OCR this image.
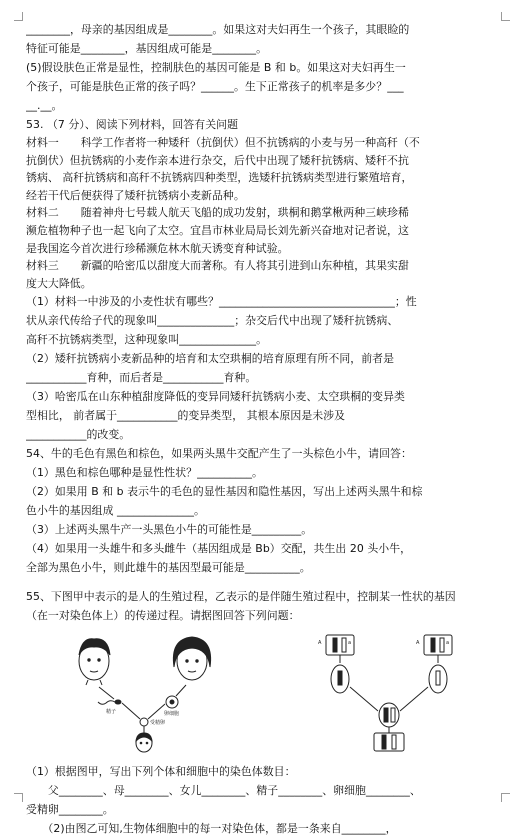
________，母亲的基因组成是________。如果这对夫妇再生一个孩子，其眼睑的
特征可能是________，基因组成可能是________。
(5)假设肤色正常是显性，控制肤色的基因可能是 B 和 b。如果这对夫妇再生一
个孩子，可能是肤色正常的孩子吗？______。生下正常孩子的机率是多少？___
__.__。
53. （7 分）、阅读下列材料，回答有关问题
材料一　　科学工作者将一种矮秆（抗倒伏）但不抗锈病的小麦与另一种高秆（不
抗倒伏）但抗锈病的小麦作亲本进行杂交，后代中出现了矮秆抗锈病、矮秆不抗
锈病、 高秆抗锈病和高秆不抗锈病四种类型，选矮秆抗锈病类型进行繁殖培育，
经若干代后便获得了矮秆抗锈病小麦新品种。
材料二　　随着神舟七号载人航天飞船的成功发射，珙桐和鹅掌楸两种三峡珍稀
濒危植物种子也一起飞向了太空。宜昌市林业局局长刘先新兴奋地对记者说，这
是我国迄今首次进行珍稀濒危林木航天诱变育种试验。
材料三　　新疆的哈密瓜以甜度大而著称。有人将其引进到山东种植，其果实甜
度大大降低。
（1）材料一中涉及的小麦性状有哪些？________________________________；性
状从亲代传给子代的现象叫______________；杂交后代中出现了矮秆抗锈病、
高秆不抗锈病类型，这种现象叫______________。
（2）矮秆抗锈病小麦新品种的培育和太空珙桐的培育原理有所不同，前者是
___________育种，而后者是___________育种。
（3）哈密瓜在山东种植甜度降低的变异同矮秆抗锈病小麦、太空珙桐的变异类
型相比， 前者属于___________的变异类型， 其根本原因是未涉及
___________的改变。
54、牛的毛色有黑色和棕色，如果两头黑牛交配产生了一头棕色小牛，请回答：
（1）黑色和棕色哪种是显性性状？__________。
（2）如果用 B 和 b 表示牛的毛色的显性基因和隐性基因，写出上述两头黑牛和棕
色小牛的基因组成 ______________。
（3）上述两头黑牛产一头黑色小牛的可能性是_________。
（4）如果用一头雄牛和多头雌牛（基因组成是 Bb）交配，共生出 20 头小牛，
全部为黑色小牛，则此雄牛的基因型最可能是__________。
55、下图甲中表示的是人的生殖过程，乙表示的是伴随生殖过程中，控制某一性状的基因
（在一对染色体上）的传递过程。请据图回答下列问题：
精子	卵细胞
受精卵
A	a	A	a
（1）根据图甲，写出下列个体和细胞中的染色体数目：
　　父________、母________、女儿________、精子________、卵细胞________、
受精卵________。
　　（2)由图乙可知,生物体细胞中的每一对染色体，都是一条来自________，
